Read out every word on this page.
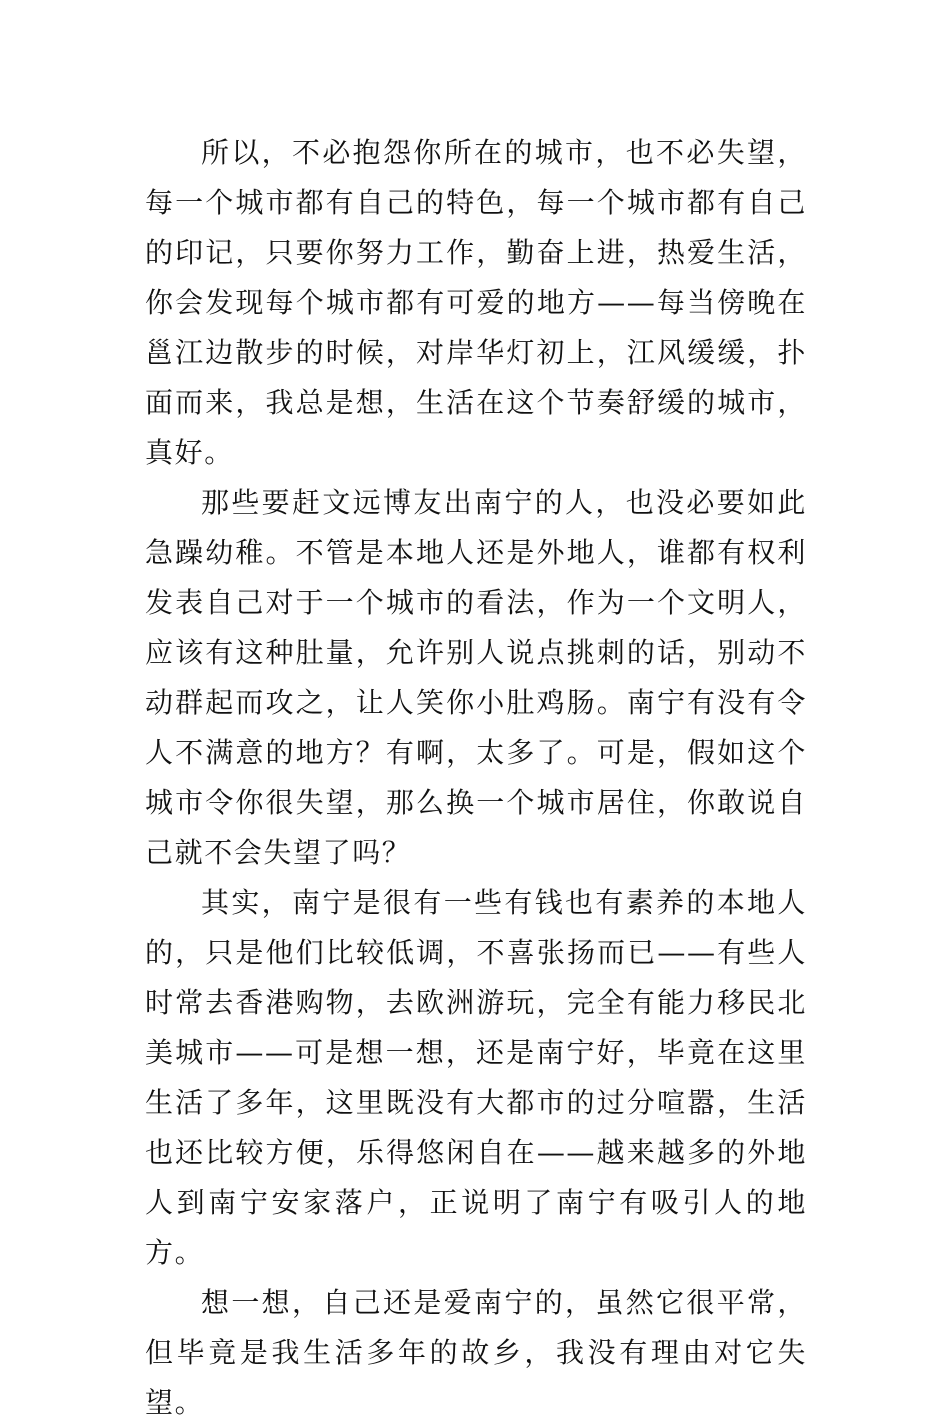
所以，不必抱怨你所在的城市，也不必失望，每一个城市都有自己的特色，每一个城市都有自己的印记，只要你努力工作，勤奋上进，热爱生活，你会发现每个城市都有可爱的地方——每当傍晚在邕江边散步的时候，对岸华灯初上，江风缓缓，扑面而来，我总是想，生活在这个节奏舒缓的城市，真好。

那些要赶文远博友出南宁的人，也没必要如此急躁幼稚。不管是本地人还是外地人，谁都有权利发表自己对于一个城市的看法，作为一个文明人，应该有这种肚量，允许别人说点挑刺的话，别动不动群起而攻之，让人笑你小肚鸡肠。南宁有没有令人不满意的地方？有啊，太多了。可是，假如这个城市令你很失望，那么换一个城市居住，你敢说自己就不会失望了吗？

其实，南宁是很有一些有钱也有素养的本地人的，只是他们比较低调，不喜张扬而已——有些人时常去香港购物，去欧洲游玩，完全有能力移民北美城市——可是想一想，还是南宁好，毕竟在这里生活了多年，这里既没有大都市的过分喧嚣，生活也还比较方便，乐得悠闲自在——越来越多的外地人到南宁安家落户，正说明了南宁有吸引人的地方。

想一想，自己还是爱南宁的，虽然它很平常，但毕竟是我生活多年的故乡，我没有理由对它失望。
